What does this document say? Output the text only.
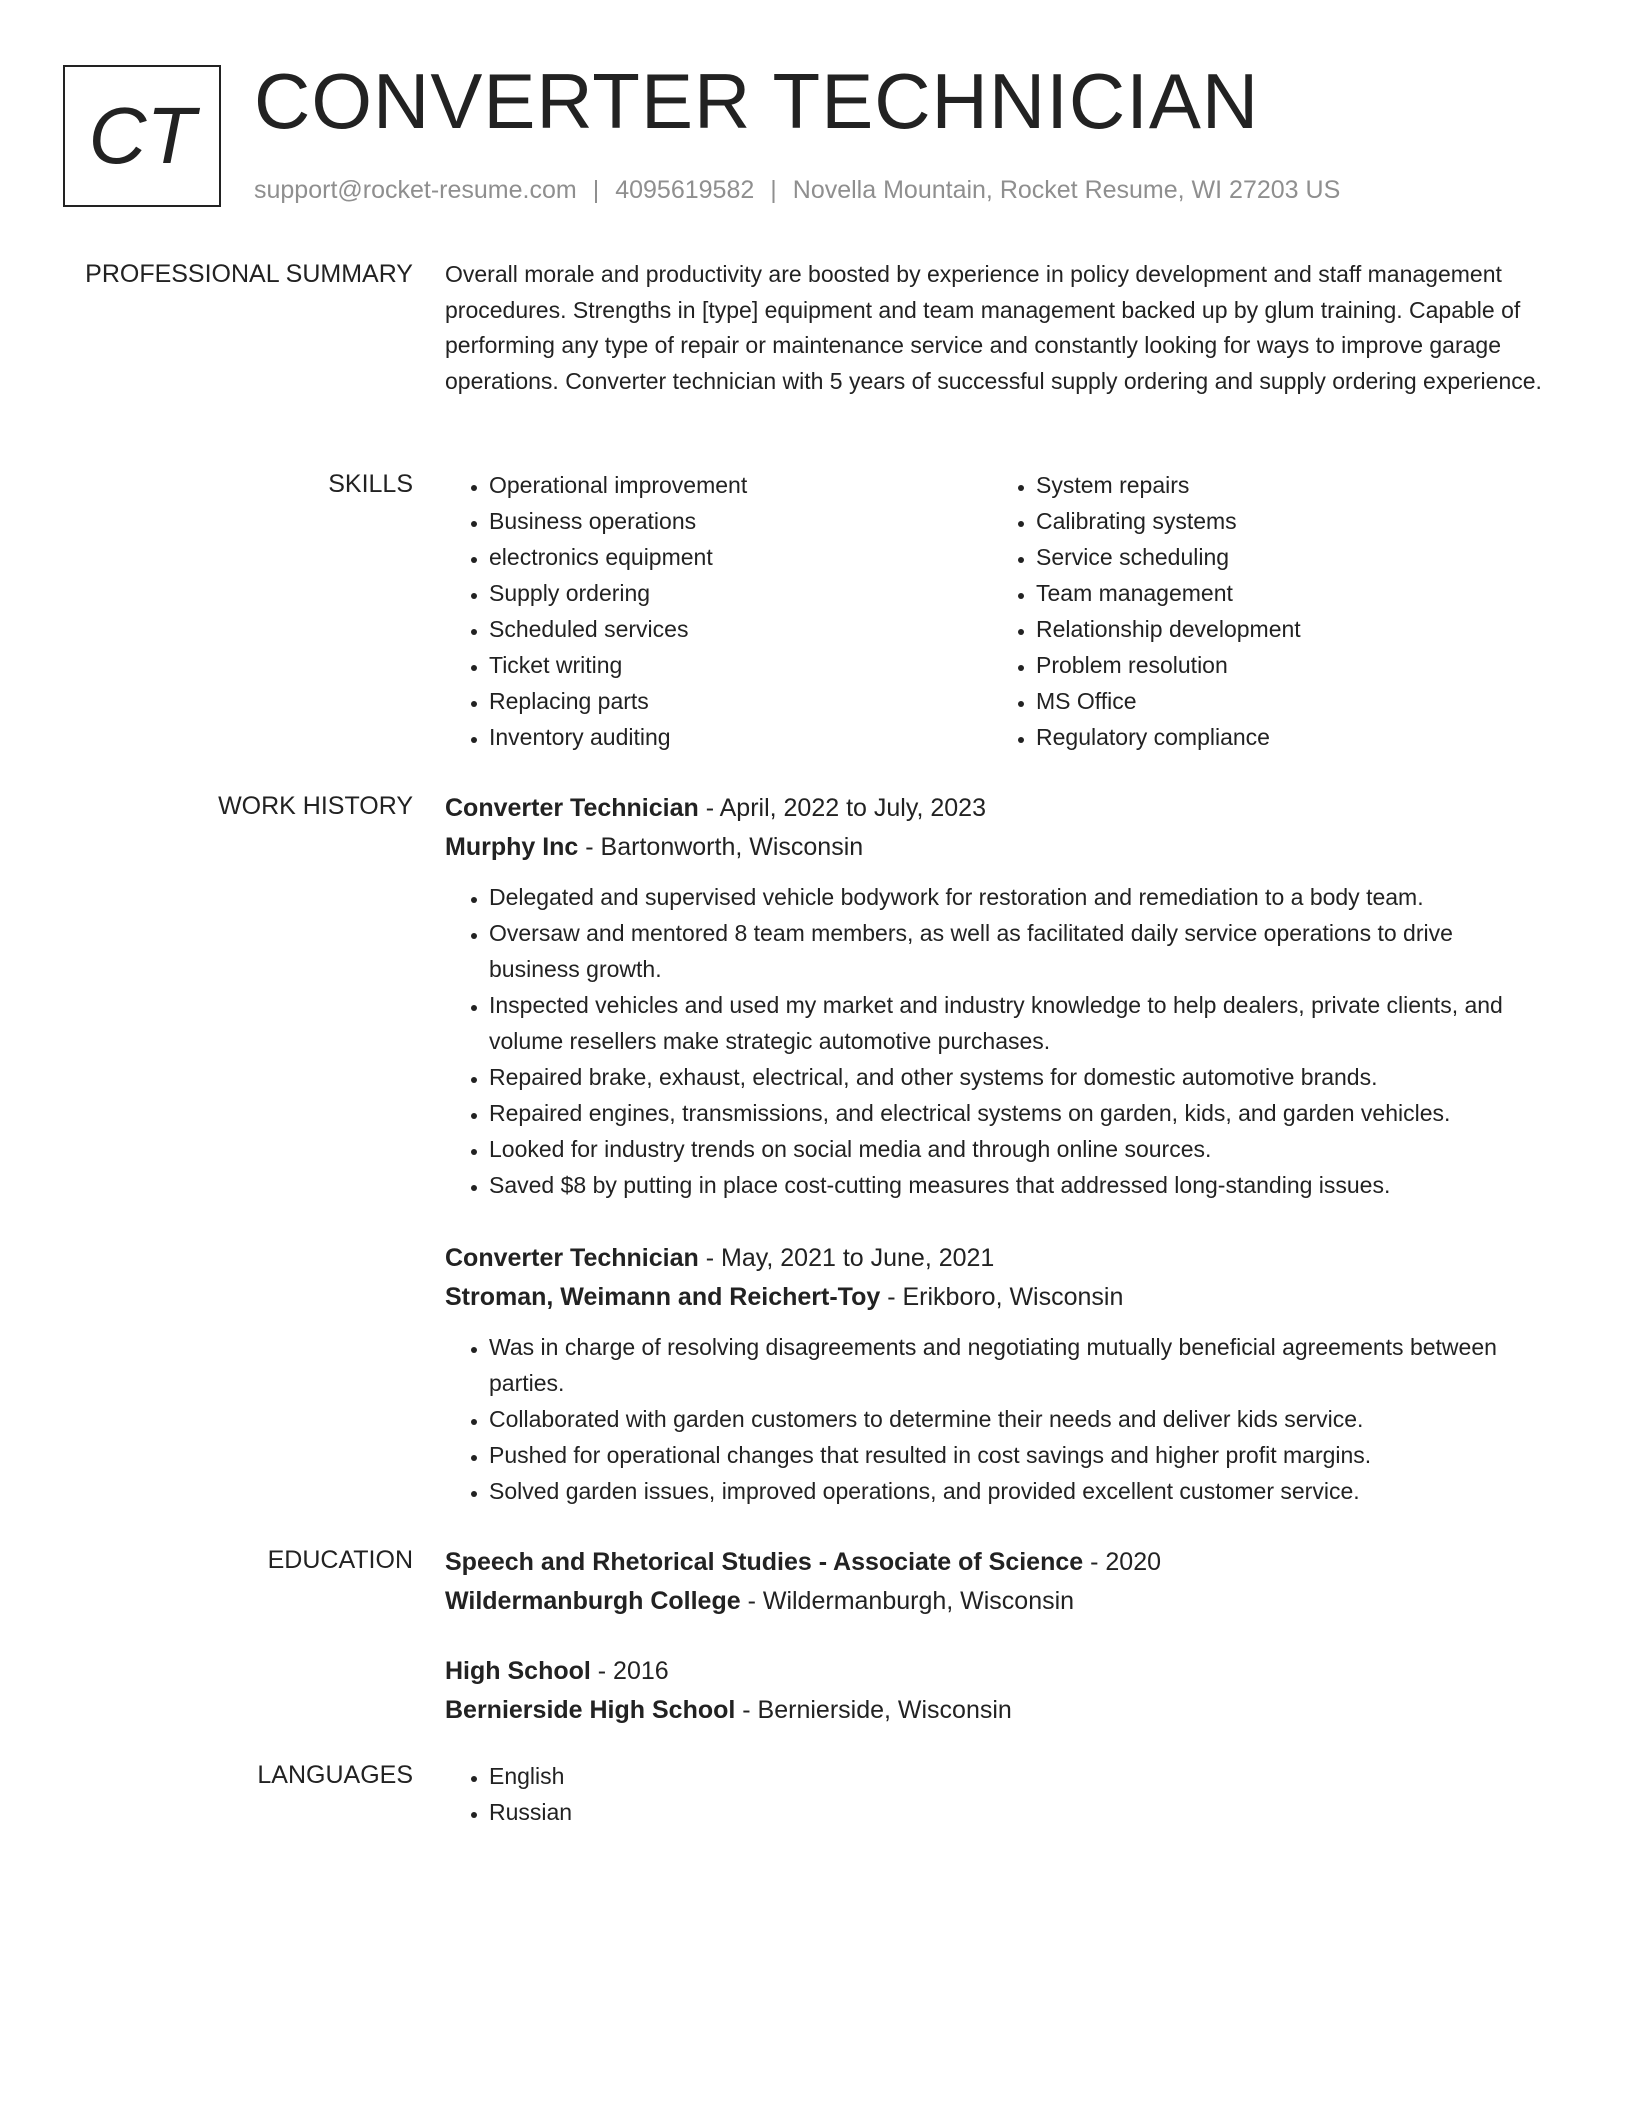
CT CONVERTER TECHNICIAN
support@rocket-resume.com | 4095619582 | Novella Mountain, Rocket Resume, WI 27203 US
PROFESSIONAL SUMMARY Overall morale and productivity are boosted by experience in policy development and staff management procedures. Strengths in [type] equipment and team management backed up by glum training. Capable of performing any type of repair or maintenance service and constantly looking for ways to improve garage operations. Converter technician with 5 years of successful supply ordering and supply ordering experience.

SKILLS	• Operational improvement
• Business operations
• electronics equipment
• Supply ordering
• Scheduled services
• Ticket writing
• Replacing parts
• Inventory auditing
• System repairs
• Calibrating systems
• Service scheduling
• Team management
• Relationship development
• Problem resolution
• MS Office
• Regulatory compliance
WORK HISTORY Converter Technician - April, 2022 to July, 2023
Murphy Inc - Bartonworth, Wisconsin
• Delegated and supervised vehicle bodywork for restoration and remediation to a body team.
• Oversaw and mentored 8 team members, as well as facilitated daily service operations to drive business growth.
• Inspected vehicles and used my market and industry knowledge to help dealers, private clients, and volume resellers make strategic automotive purchases.
• Repaired brake, exhaust, electrical, and other systems for domestic automotive brands.
• Repaired engines, transmissions, and electrical systems on garden, kids, and garden vehicles.
• Looked for industry trends on social media and through online sources.
• Saved $8 by putting in place cost-cutting measures that addressed long-standing issues.
Converter Technician - May, 2021 to June, 2021
Stroman, Weimann and Reichert-Toy - Erikboro, Wisconsin
• Was in charge of resolving disagreements and negotiating mutually beneficial agreements between parties.
• Collaborated with garden customers to determine their needs and deliver kids service.
• Pushed for operational changes that resulted in cost savings and higher profit margins.
• Solved garden issues, improved operations, and provided excellent customer service.
EDUCATION Speech and Rhetorical Studies - Associate of Science - 2020
Wildermanburgh College - Wildermanburgh, Wisconsin
High School - 2016
Bernierside High School - Bernierside, Wisconsin
LANGUAGES	• English
• Russian
